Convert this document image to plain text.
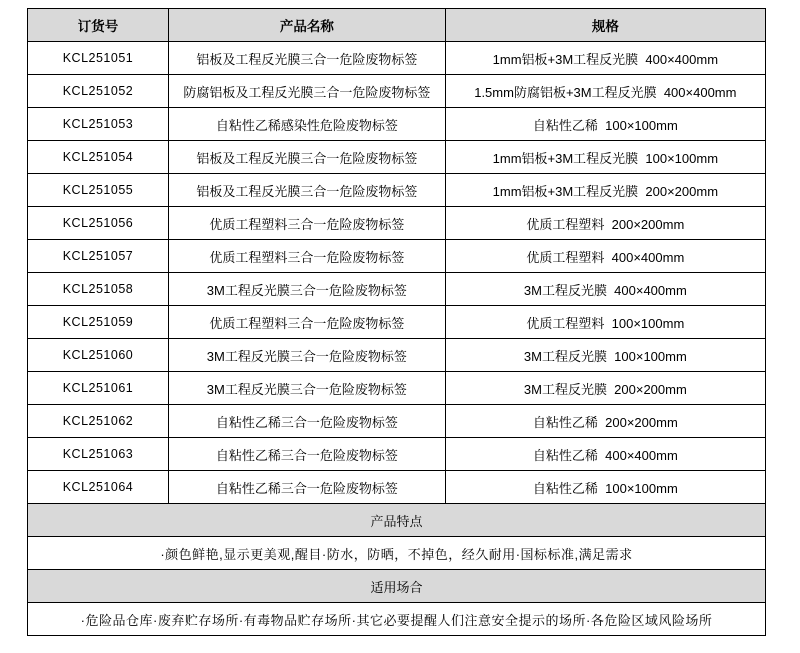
订货号	产品名称	规格
KCL251051	铝板及工程反光膜三合一危险废物标签	1mm铝板+3M工程反光膜  400×400mm
KCL251052	防腐铝板及工程反光膜三合一危险废物标签	1.5mm防腐铝板+3M工程反光膜  400×400mm
KCL251053	自粘性乙稀感染性危险废物标签	自粘性乙稀  100×100mm
KCL251054	铝板及工程反光膜三合一危险废物标签	1mm铝板+3M工程反光膜  100×100mm
KCL251055	铝板及工程反光膜三合一危险废物标签	1mm铝板+3M工程反光膜  200×200mm
KCL251056	优质工程塑料三合一危险废物标签	优质工程塑料  200×200mm
KCL251057	优质工程塑料三合一危险废物标签	优质工程塑料  400×400mm
KCL251058	3M工程反光膜三合一危险废物标签	3M工程反光膜  400×400mm
KCL251059	优质工程塑料三合一危险废物标签	优质工程塑料  100×100mm
KCL251060	3M工程反光膜三合一危险废物标签	3M工程反光膜  100×100mm
KCL251061	3M工程反光膜三合一危险废物标签	3M工程反光膜  200×200mm
KCL251062	自粘性乙稀三合一危险废物标签	自粘性乙稀  200×200mm
KCL251063	自粘性乙稀三合一危险废物标签	自粘性乙稀  400×400mm
KCL251064	自粘性乙稀三合一危险废物标签	自粘性乙稀  100×100mm
产品特点		
·颜色鲜艳,显示更美观,醒目·防水，防晒，不掉色，经久耐用·国标标准,满足需求		
适用场合		
·危险品仓库·废弃贮存场所·有毒物品贮存场所·其它必要提醒人们注意安全提示的场所·各危险区域风险场所		
